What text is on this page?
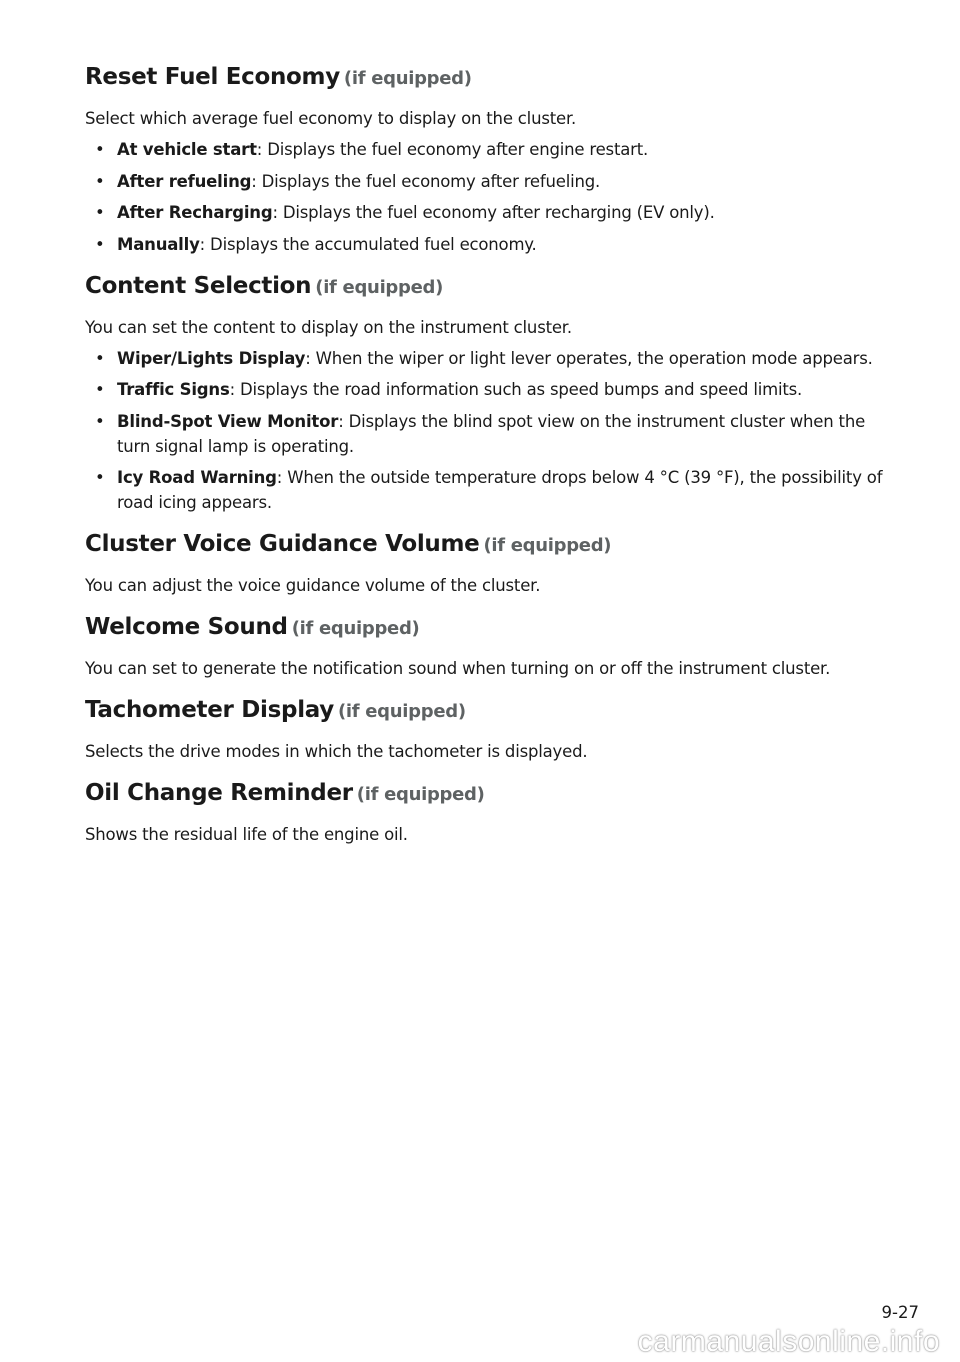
Reset Fuel Economy (if equipped)

Select which average fuel economy to display on the cluster.

• At vehicle start: Displays the fuel economy after engine restart.
• After refueling: Displays the fuel economy after refueling.
• After Recharging: Displays the fuel economy after recharging (EV only).
• Manually: Displays the accumulated fuel economy.
Content Selection (if equipped)

You can set the content to display on the instrument cluster.

• Wiper/Lights Display: When the wiper or light lever operates, the operation mode appears.
• Traffic Signs: Displays the road information such as speed bumps and speed limits.
• Blind-Spot View Monitor: Displays the blind spot view on the instrument cluster when the turn signal lamp is operating.
• Icy Road Warning: When the outside temperature drops below 4 °C (39 °F), the possibility of road icing appears.
Cluster Voice Guidance Volume (if equipped)

You can adjust the voice guidance volume of the cluster.

Welcome Sound (if equipped)

You can set to generate the notification sound when turning on or off the instrument cluster.

Tachometer Display (if equipped)

Selects the drive modes in which the tachometer is displayed.

Oil Change Reminder (if equipped)

Shows the residual life of the engine oil.

9-27
carmanualsonline.info
